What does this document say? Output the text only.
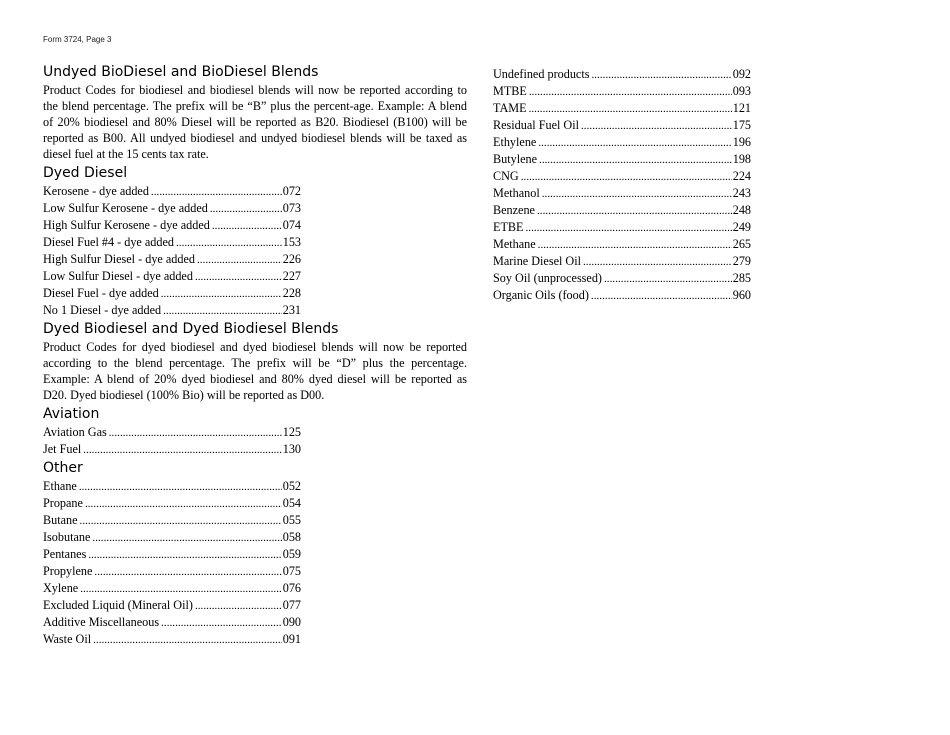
Form 3724, Page 3
Undyed BioDiesel and BioDiesel Blends

Product Codes for biodiesel and biodiesel blends will now be reported according to the blend percentage. The prefix will be “B” plus the percent-age. Example: A blend of 20% biodiesel and 80% Diesel will be reported as B20. Biodiesel (B100) will be reported as B00. All undyed biodiesel and undyed biodiesel blends will be taxed as diesel fuel at the 15 cents tax rate.

Dyed Diesel
Kerosene - dye added . . .	072
Low Sulfur Kerosene - dye added . . .	073
High Sulfur Kerosene - dye added . . .	074
Diesel Fuel #4 - dye added . . .	153
High Sulfur Diesel - dye added . . .	226
Low Sulfur Diesel - dye added . . .	227
Diesel Fuel - dye added . . .	228
No 1 Diesel - dye added . . .	231
Dyed Biodiesel and Dyed Biodiesel Blends

Product Codes for dyed biodiesel and dyed biodiesel blends will now be reported according to the blend percentage. The prefix will be “D” plus the percentage. Example: A blend of 20% dyed biodiesel and 80% dyed diesel will be reported as D20. Dyed biodiesel (100% Bio) will be reported as D00.

Aviation
Aviation Gas . . .	125
Jet Fuel . . .	130
Other
Ethane . . .	052
Propane . . .	054
Butane . . .	055
Isobutane . . .	058
Pentanes . . .	059
Propylene . . .	075
Xylene . . .	076
Excluded Liquid (Mineral Oil) . . .	077
Additive Miscellaneous . . .	090
Waste Oil . . .	091
Undefined products . . .	092
MTBE . . .	093
TAME . . .	121
Residual Fuel Oil . . .	175
Ethylene . . .	196
Butylene . . .	198
CNG . . .	224
Methanol . . .	243
Benzene . . .	248
ETBE . . .	249
Methane . . .	265
Marine Diesel Oil . . .	279
Soy Oil (unprocessed) . . .	285
Organic Oils (food) . . .	960
